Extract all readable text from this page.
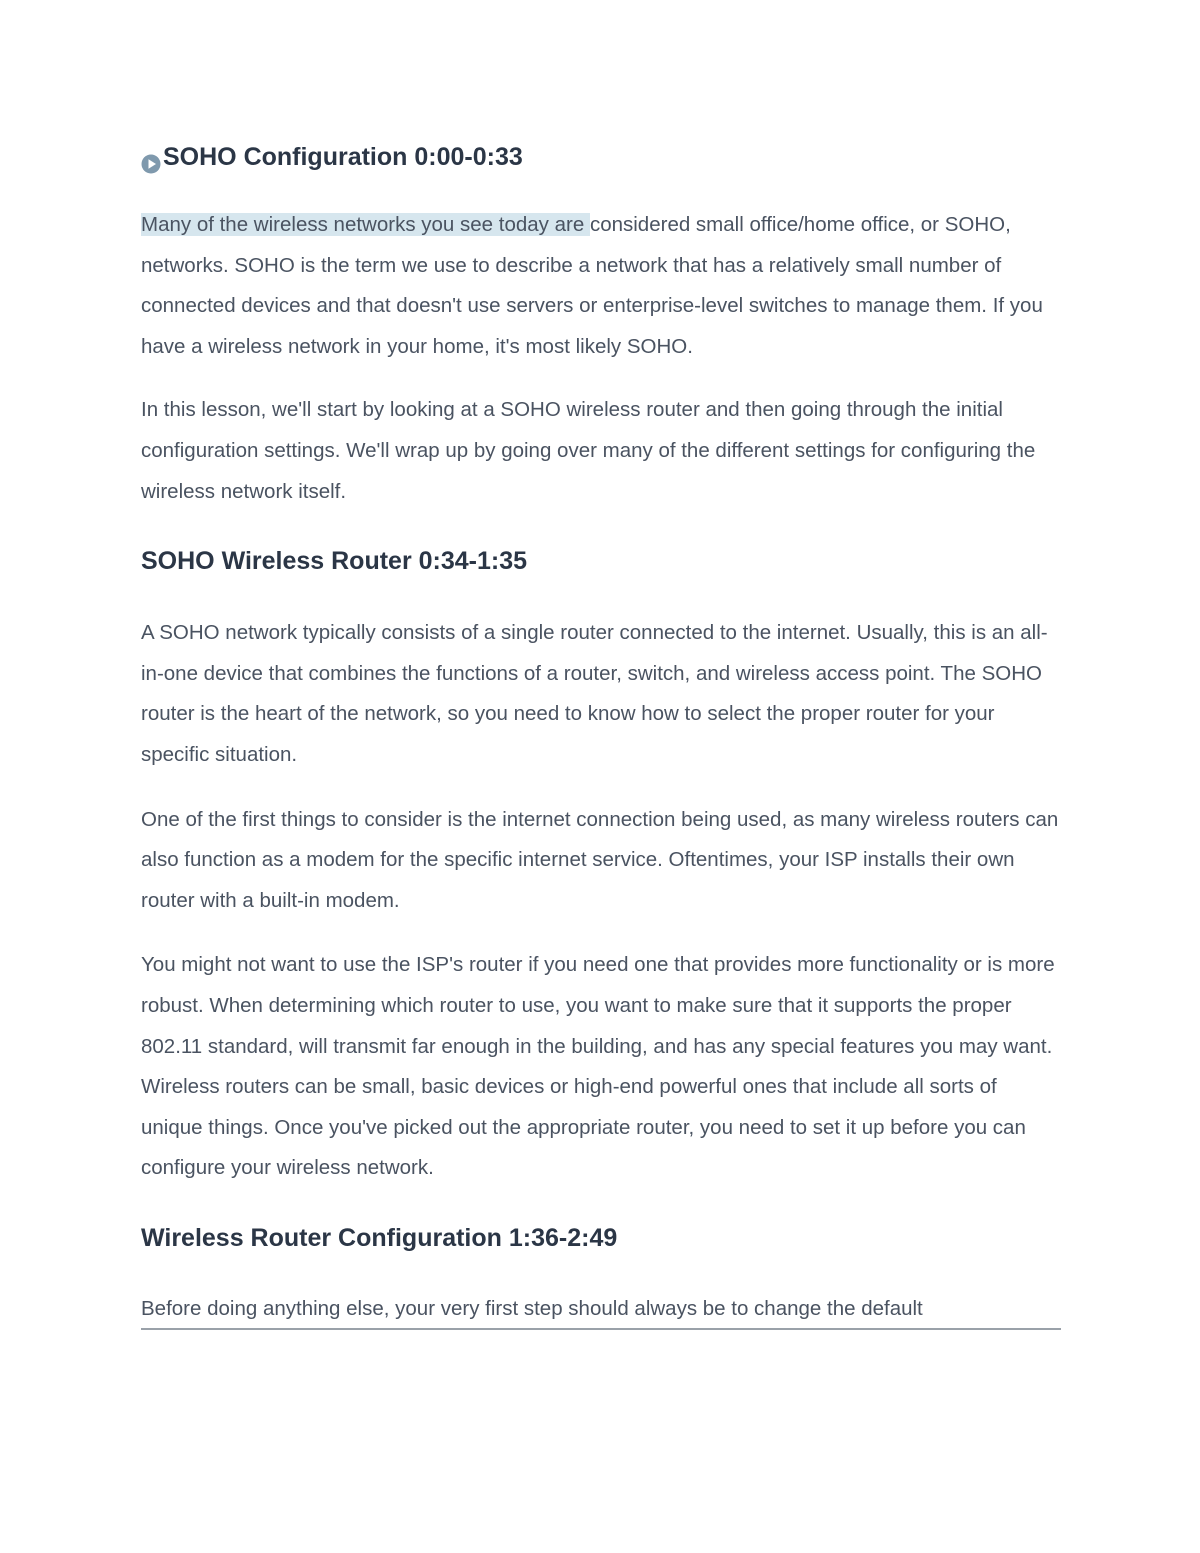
SOHO Configuration 0:00-0:33

Many of the wireless networks you see today are considered small office/home office, or SOHO, networks. SOHO is the term we use to describe a network that has a relatively small number of connected devices and that doesn't use servers or enterprise-level switches to manage them. If you have a wireless network in your home, it's most likely SOHO.

In this lesson, we'll start by looking at a SOHO wireless router and then going through the initial configuration settings. We'll wrap up by going over many of the different settings for configuring the wireless network itself.

SOHO Wireless Router 0:34-1:35

A SOHO network typically consists of a single router connected to the internet. Usually, this is an all-in-one device that combines the functions of a router, switch, and wireless access point. The SOHO router is the heart of the network, so you need to know how to select the proper router for your specific situation.

One of the first things to consider is the internet connection being used, as many wireless routers can also function as a modem for the specific internet service. Oftentimes, your ISP installs their own router with a built-in modem.

You might not want to use the ISP's router if you need one that provides more functionality or is more robust. When determining which router to use, you want to make sure that it supports the proper 802.11 standard, will transmit far enough in the building, and has any special features you may want. Wireless routers can be small, basic devices or high-end powerful ones that include all sorts of unique things. Once you've picked out the appropriate router, you need to set it up before you can configure your wireless network.

Wireless Router Configuration 1:36-2:49

Before doing anything else, your very first step should always be to change the default
